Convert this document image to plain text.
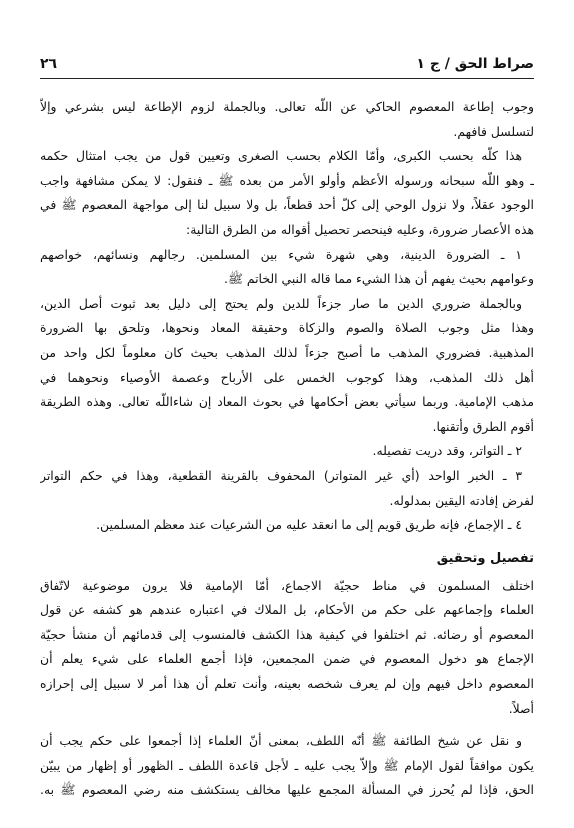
صراط الحق / ج ١
٢٦
وجوب إطاعة المعصوم الحاكي عن اللّه تعالى. وبالجملة لزوم الإطاعة ليس بشرعي وإلاّ
لتسلسل فافهم.
هذا كلّه بحسب الكبرى، وأمّا الكلام بحسب الصغرى وتعيين قول من يجب امتثال حكمه
ـ وهو اللّه سبحانه ورسوله الأعظم وأولو الأمر من بعده ﷺ ـ فنقول: لا يمكن مشافهة واجب
الوجود عقلاً، ولا نزول الوحي إلى كلّ أحد قطعاً، بل ولا سبيل لنا إلى مواجهة المعصوم ﷺ في
هذه الأعصار ضرورة، وعليه فينحصر تحصيل أقواله من الطرق التالية:
١ ـ الضرورة الدينية، وهي شهرة شيء بين المسلمين. رجالهم ونسائهم، خواصهم
وعوامهم بحيث يفهم أن هذا الشيء مما قاله النبي الخاتم ﷺ.
وبالجملة ضروري الدين ما صار جزءاً للدين ولم يحتج إلى دليل بعد ثبوت أصل الدين،
وهذا مثل وجوب الصلاة والصوم والزكاة وحقيقة المعاد ونحوها، وتلحق بها الضرورة
المذهبية. فضروري المذهب ما أصبح جزءاً لذلك المذهب بحيث كان معلوماً لكل واحد من
أهل ذلك المذهب، وهذا كوجوب الخمس على الأرباح وعصمة الأوصياء ونحوهما في
مذهب الإمامية. وربما سيأتي بعض أحكامها في بحوث المعاد إن شاءاللّه تعالى. وهذه الطريقة
أقوم الطرق وأتقنها.
٢ ـ التواتر، وقد دريت تفصيله.
٣ ـ الخبر الواحد (أي غير المتواتر) المحفوف بالقرينة القطعية، وهذا في حكم التواتر
لفرض إفادته اليقين بمدلوله.
٤ ـ الإجماع، فإنه طريق قويم إلى ما انعقد عليه من الشرعيات عند معظم المسلمين.
تفصيل وتحقيق
اختلف المسلمون في مناط حجيّة الاجماع، أمّا الإمامية فلا يرون موضوعية لاتّفاق
العلماء وإجماعهم على حكم من الأحكام، بل الملاك في اعتباره عندهم هو كشفه عن قول
المعصوم أو رضائه. ثم اختلفوا في كيفية هذا الكشف فالمنسوب إلى قدمائهم أن منشأ حجيّة
الإجماع هو دخول المعصوم في ضمن المجمعين، فإذا أجمع العلماء على شيء يعلم أن
المعصوم داخل فيهم وإن لم يعرف شخصه بعينه، وأنت تعلم أن هذا أمر لا سبيل إلى إحرازه
أصلاً.
و نقل عن شيخ الطائفة ﷺ أنّه اللطف، بمعنى أنّ العلماء إذا أجمعوا على حكم يجب أن
يكون موافقاً لقول الإمام ﷺ وإلاّ يجب عليه ـ لأجل قاعدة اللطف ـ الظهور أو إظهار من يبيّن
الحق، فإذا لم يُحرز في المسألة المجمع عليها مخالف يستكشف منه رضي المعصوم ﷺ به.
